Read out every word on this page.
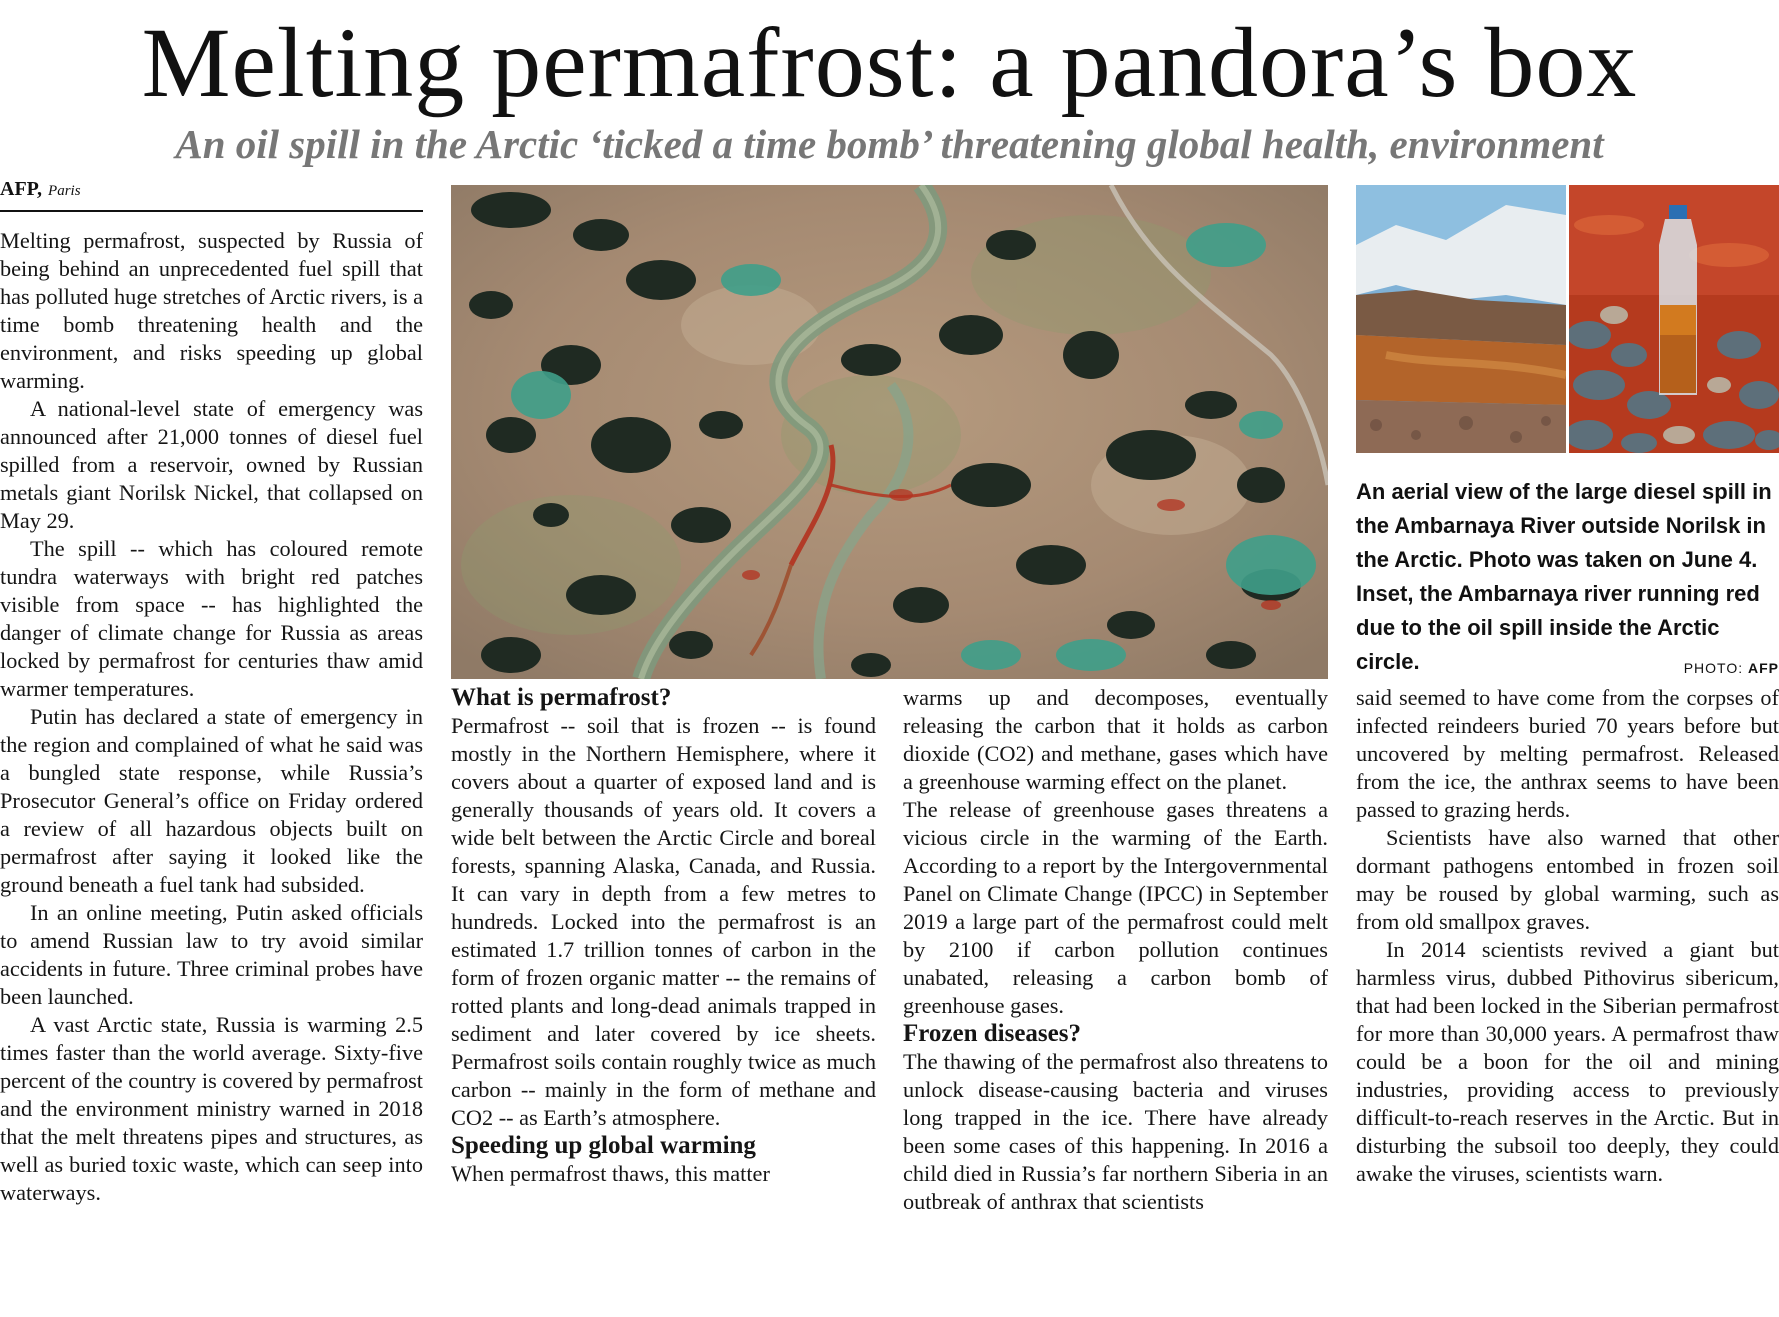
Melting permafrost: a pandora’s box
An oil spill in the Arctic ‘ticked a time bomb’ threatening global health, environment
AFP, Paris

Melting permafrost, suspected by Russia of being behind an unprecedented fuel spill that has polluted huge stretches of Arctic rivers, is a time bomb threatening health and the environment, and risks speeding up global warming.

A national-level state of emergency was announced after 21,000 tonnes of diesel fuel spilled from a reservoir, owned by Russian metals giant Norilsk Nickel, that collapsed on May 29.

The spill -- which has coloured remote tundra waterways with bright red patches visible from space -- has highlighted the danger of climate change for Russia as areas locked by permafrost for centuries thaw amid warmer temperatures.

Putin has declared a state of emergency in the region and complained of what he said was a bungled state response, while Russia’s Prosecutor General’s office on Friday ordered a review of all hazardous objects built on permafrost after saying it looked like the ground beneath a fuel tank had subsided.

In an online meeting, Putin asked officials to amend Russian law to try avoid similar accidents in future. Three criminal probes have been launched.

A vast Arctic state, Russia is warming 2.5 times faster than the world average. Sixty-five percent of the country is covered by permafrost and the environment ministry warned in 2018 that the melt threatens pipes and structures, as well as buried toxic waste, which can seep into waterways.

An aerial view of the large diesel spill in the Ambarnaya River outside Norilsk in the Arctic. Photo was taken on June 4. Inset, the Ambarnaya river running red due to the oil spill inside the Arctic circle.	PHOTO: AFP
What is permafrost?

Permafrost -- soil that is frozen -- is found mostly in the Northern Hemisphere, where it covers about a quarter of exposed land and is generally thousands of years old. It covers a wide belt between the Arctic Circle and boreal forests, spanning Alaska, Canada, and Russia. It can vary in depth from a few metres to hundreds. Locked into the permafrost is an estimated 1.7 trillion tonnes of carbon in the form of frozen organic matter -- the remains of rotted plants and long-dead animals trapped in sediment and later covered by ice sheets. Permafrost soils contain roughly twice as much carbon -- mainly in the form of methane and CO2 -- as Earth’s atmosphere.

Speeding up global warming

When permafrost thaws, this matter

warms up and decomposes, eventually releasing the carbon that it holds as carbon dioxide (CO2) and methane, gases which have a greenhouse warming effect on the planet.

The release of greenhouse gases threatens a vicious circle in the warming of the Earth. According to a report by the Intergovernmental Panel on Climate Change (IPCC) in September 2019 a large part of the permafrost could melt by 2100 if carbon pollution continues unabated, releasing a carbon bomb of greenhouse gases.

Frozen diseases?

The thawing of the permafrost also threatens to unlock disease-causing bacteria and viruses long trapped in the ice. There have already been some cases of this happening. In 2016 a child died in Russia’s far northern Siberia in an outbreak of anthrax that scientists

said seemed to have come from the corpses of infected reindeers buried 70 years before but uncovered by melting permafrost. Released from the ice, the anthrax seems to have been passed to grazing herds.

Scientists have also warned that other dormant pathogens entombed in frozen soil may be roused by global warming, such as from old smallpox graves.

In 2014 scientists revived a giant but harmless virus, dubbed Pithovirus sibericum, that had been locked in the Siberian permafrost for more than 30,000 years. A permafrost thaw could be a boon for the oil and mining industries, providing access to previously difficult-to-reach reserves in the Arctic. But in disturbing the subsoil too deeply, they could awake the viruses, scientists warn.
